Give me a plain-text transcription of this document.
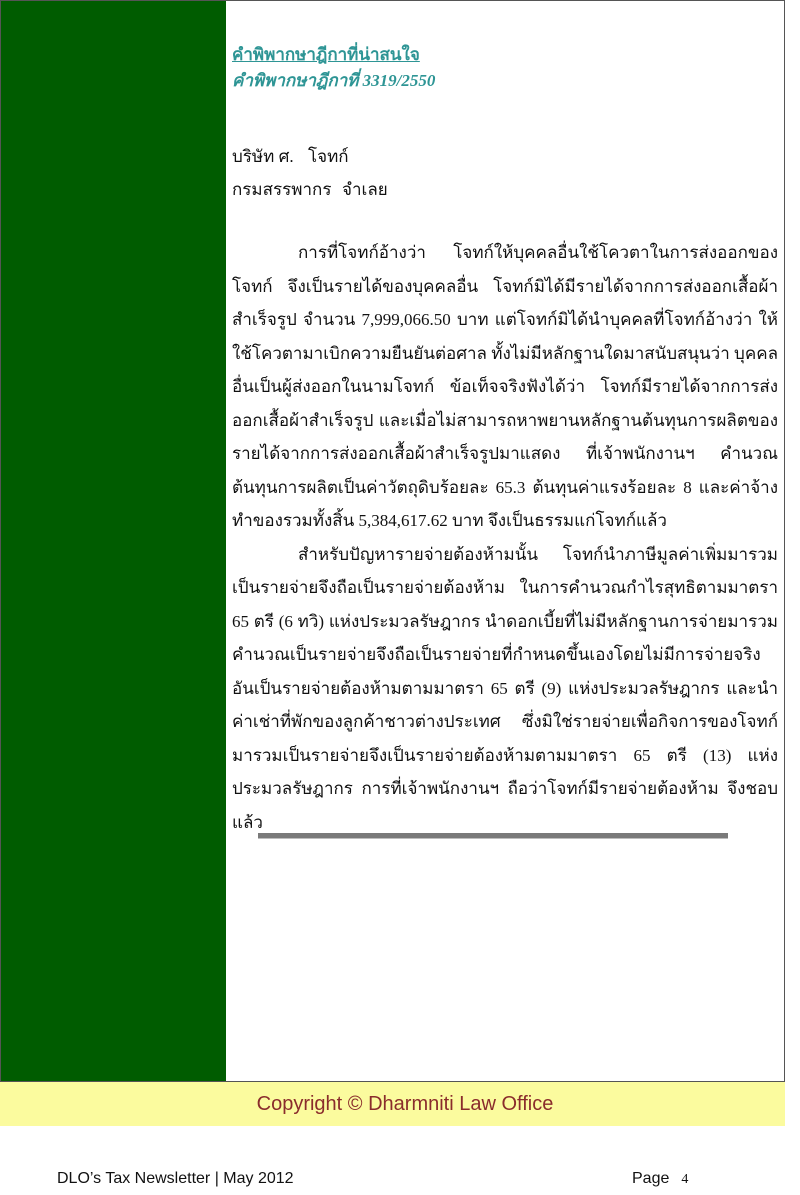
คำพิพากษาฎีกาที่น่าสนใจ

คำพิพากษาฎีกาที่ 3319/2550

บริษัท ศ. โจทก์
กรมสรรพากร จำเลย

การที่โจทก์อ้างว่า โจทก์ให้บุคคลอื่นใช้โควตาในการส่งออกของโจทก์ จึงเป็นรายได้ของบุคคลอื่น โจทก์มิได้มีรายได้จากการส่งออกเสื้อผ้าสำเร็จรูป จำนวน 7,999,066.50 บาท แต่โจทก์มิได้นำบุคคลที่โจทก์อ้างว่า ให้ใช้โควตามาเบิกความยืนยันต่อศาล ทั้งไม่มีหลักฐานใดมาสนับสนุนว่า บุคคลอื่นเป็นผู้ส่งออกในนามโจทก์ ข้อเท็จจริงฟังได้ว่า โจทก์มีรายได้จากการส่งออกเสื้อผ้าสำเร็จรูป และเมื่อไม่สามารถหาพยานหลักฐานต้นทุนการผลิตของรายได้จากการส่งออกเสื้อผ้าสำเร็จรูปมาแสดง ที่เจ้าพนักงานฯ คำนวณต้นทุนการผลิตเป็นค่าวัตถุดิบร้อยละ 65.3 ต้นทุนค่าแรงร้อยละ 8 และค่าจ้างทำของรวมทั้งสิ้น 5,384,617.62 บาท จึงเป็นธรรมแก่โจทก์แล้ว

สำหรับปัญหารายจ่ายต้องห้ามนั้น โจทก์นำภาษีมูลค่าเพิ่มมารวมเป็นรายจ่ายจึงถือเป็นรายจ่ายต้องห้าม ในการคำนวณกำไรสุทธิตามมาตรา 65 ตรี (6 ทวิ) แห่งประมวลรัษฎากร นำดอกเบี้ยที่ไม่มีหลักฐานการจ่ายมารวมคำนวณเป็นรายจ่ายจึงถือเป็นรายจ่ายที่กำหนดขึ้นเองโดยไม่มีการจ่ายจริง อันเป็นรายจ่ายต้องห้ามตามมาตรา 65 ตรี (9) แห่งประมวลรัษฎากร และนำค่าเช่าที่พักของลูกค้าชาวต่างประเทศ ซึ่งมิใช่รายจ่ายเพื่อกิจการของโจทก์ มารวมเป็นรายจ่ายจึงเป็นรายจ่ายต้องห้ามตามมาตรา 65 ตรี (13) แห่งประมวลรัษฎากร การที่เจ้าพนักงานฯ ถือว่าโจทก์มีรายจ่ายต้องห้าม จึงชอบแล้ว

Copyright © Dharmniti Law Office
DLO’s Tax Newsletter | May 2012	Page 4
